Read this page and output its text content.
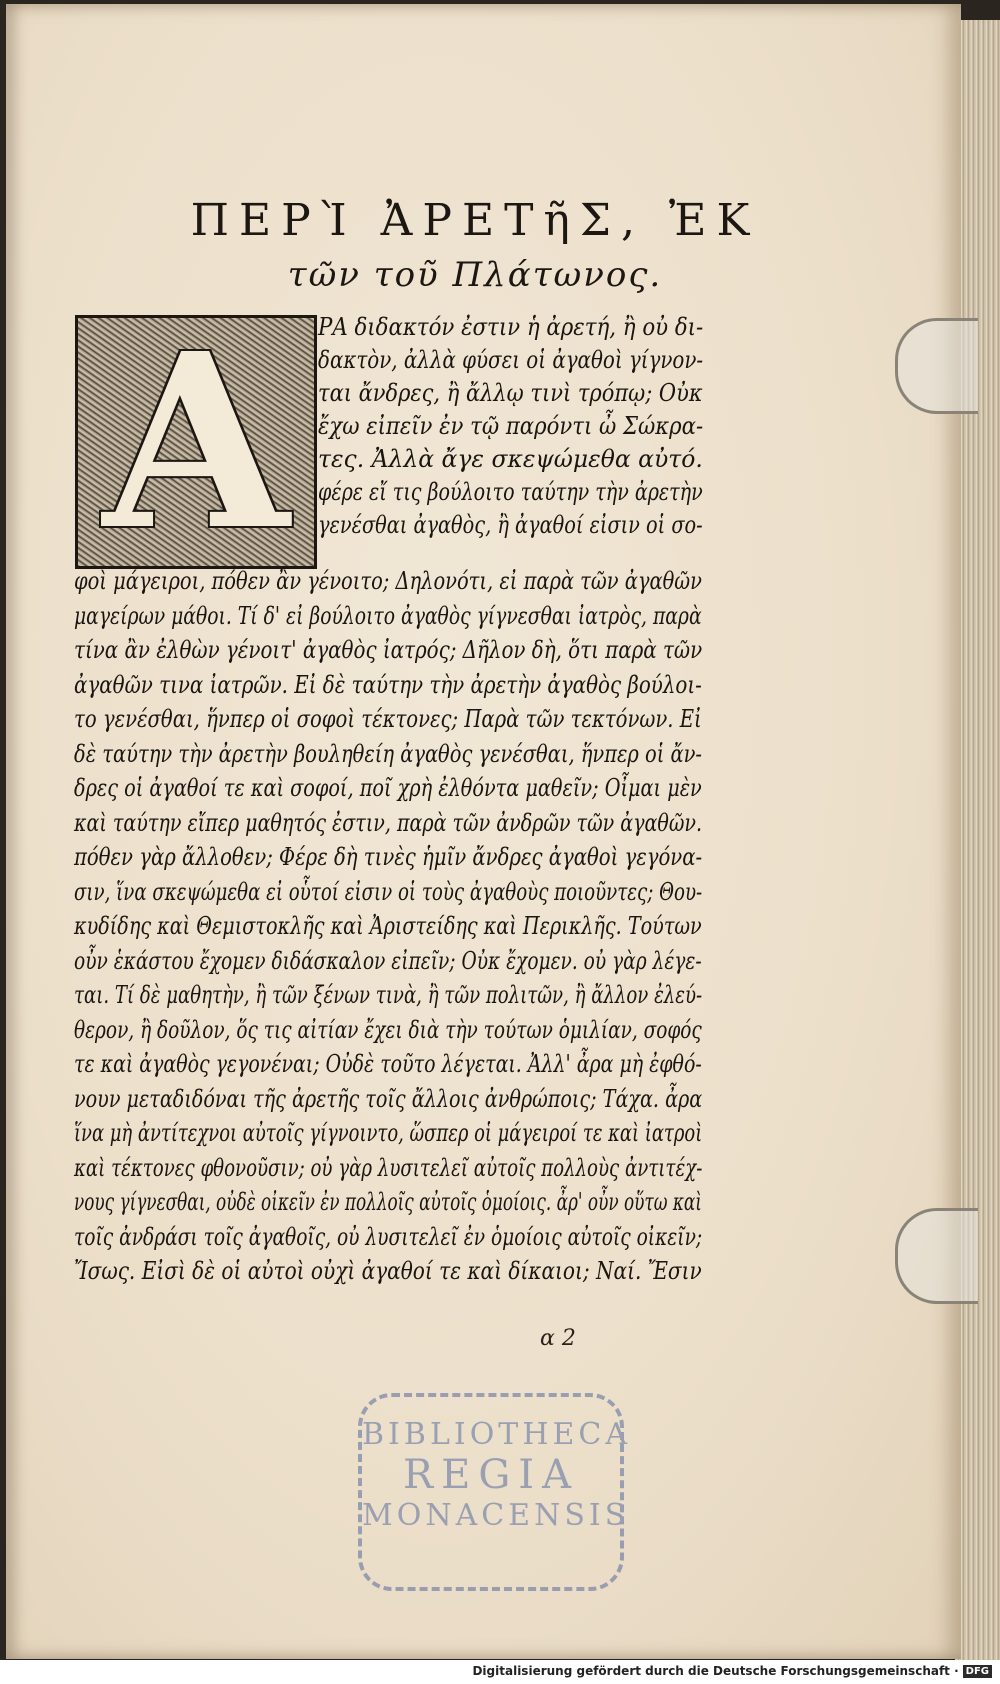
ΠΕΡῚ ἈΡΕΤῆΣ, ἘΚ
τῶν τοῦ Πλάτωνος.
A ΡΑ διδακτόν ἐστιν ἡ ἀρετή, ἢ οὐ δι-
δακτὸν, ἀλλὰ φύσει οἱ ἀγαθοὶ γίγνον-
ται ἄνδρες, ἢ ἄλλῳ τινὶ τρόπῳ; Οὐκ
ἔχω εἰπεῖν ἐν τῷ παρόντι ὦ Σώκρα-
τες. Ἀλλὰ ἄγε σκεψώμεθα αὐτό.
φέρε εἴ τις βούλοιτο ταύτην τὴν ἀρετὴν
γενέσθαι ἀγαθὸς, ἢ ἀγαθοί εἰσιν οἱ σο-
φοὶ μάγειροι, πόθεν ἂν γένοιτο; Δηλονότι, εἰ παρὰ τῶν ἀγαθῶν
μαγείρων μάθοι. Τί δ' εἰ βούλοιτο ἀγαθὸς γίγνεσθαι ἰατρὸς, παρὰ
τίνα ἂν ἐλθὼν γένοιτ' ἀγαθὸς ἰατρός; Δῆλον δὴ, ὅτι παρὰ τῶν
ἀγαθῶν τινα ἰατρῶν. Εἰ δὲ ταύτην τὴν ἀρετὴν ἀγαθὸς βούλοι-
το γενέσθαι, ἥνπερ οἱ σοφοὶ τέκτονες; Παρὰ τῶν τεκτόνων. Εἰ
δὲ ταύτην τὴν ἀρετὴν βουληθείη ἀγαθὸς γενέσθαι, ἥνπερ οἱ ἄν-
δρες οἱ ἀγαθοί τε καὶ σοφοί, ποῖ χρὴ ἐλθόντα μαθεῖν; Οἶμαι μὲν
καὶ ταύτην εἴπερ μαθητός ἐστιν, παρὰ τῶν ἀνδρῶν τῶν ἀγαθῶν.
πόθεν γὰρ ἄλλοθεν; Φέρε δὴ τινὲς ἡμῖν ἄνδρες ἀγαθοὶ γεγόνα-
σιν, ἵνα σκεψώμεθα εἰ οὗτοί εἰσιν οἱ τοὺς ἀγαθοὺς ποιοῦντες; Θου-
κυδίδης καὶ Θεμιστοκλῆς καὶ Ἀριστείδης καὶ Περικλῆς. Τούτων
οὖν ἑκάστου ἔχομεν διδάσκαλον εἰπεῖν; Οὐκ ἔχομεν. οὐ γὰρ λέγε-
ται. Τί δὲ μαθητὴν, ἢ τῶν ξένων τινὰ, ἢ τῶν πολιτῶν, ἢ ἄλλον ἐλεύ-
θερον, ἢ δοῦλον, ὅς τις αἰτίαν ἔχει διὰ τὴν τούτων ὁμιλίαν, σοφός
τε καὶ ἀγαθὸς γεγονέναι; Οὐδὲ τοῦτο λέγεται. Ἀλλ' ἆρα μὴ ἐφθό-
νουν μεταδιδόναι τῆς ἀρετῆς τοῖς ἄλλοις ἀνθρώποις; Τάχα. ἆρα
ἵνα μὴ ἀντίτεχνοι αὐτοῖς γίγνοιντο, ὥσπερ οἱ μάγειροί τε καὶ ἰατροὶ
καὶ τέκτονες φθονοῦσιν; οὐ γὰρ λυσιτελεῖ αὐτοῖς πολλοὺς ἀντιτέχ-
νους γίγνεσθαι, οὐδὲ οἰκεῖν ἐν πολλοῖς αὐτοῖς ὁμοίοις. ἆρ' οὖν οὕτω καὶ
τοῖς ἀνδράσι τοῖς ἀγαθοῖς, οὐ λυσιτελεῖ ἐν ὁμοίοις αὐτοῖς οἰκεῖν;
Ἴσως. Εἰσὶ δὲ οἱ αὐτοὶ οὐχὶ ἀγαθοί τε καὶ δίκαιοι; Ναί. Ἔσιν
α 2
BIBLIOTHECA
REGIA
MONACENSIS
Digitalisierung gefördert durch die Deutsche Forschungsgemeinschaft · DFG
